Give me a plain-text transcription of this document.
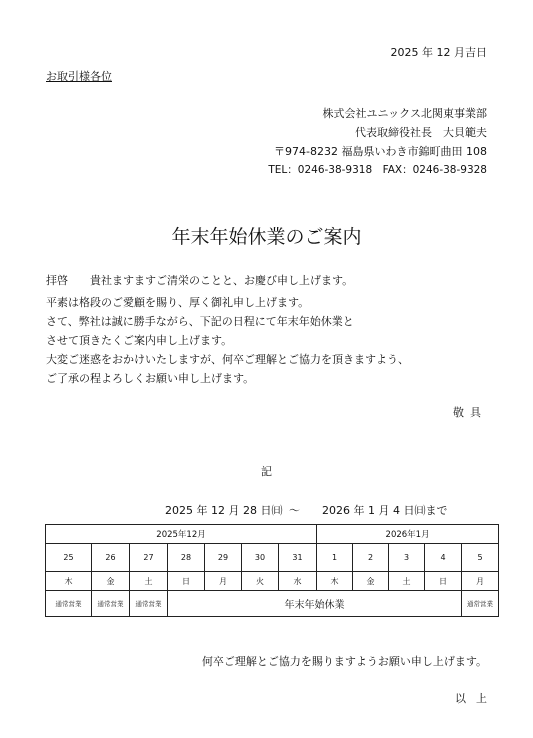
2025 年 12 月吉日
お取引様各位
株式会社ユニックス北関東事業部
代表取締役社長　大貝範夫
〒974-8232 福島県いわき市錦町曲田 108
TEL：0246-38-9318　FAX：0246-38-9328
年末年始休業のご案内
拝啓　　貴社ますますご清栄のことと、お慶び申し上げます。
平素は格段のご愛顧を賜り、厚く御礼申し上げます。
さて、弊社は誠に勝手ながら、下記の日程にて年末年始休業と
させて頂きたくご案内申し上げます。
大変ご迷惑をおかけいたしますが、何卒ご理解とご協力を頂きますよう、
ご了承の程よろしくお願い申し上げます。
敬具
記
2025 年 12 月 28 日㈰ ～ 2026 年 1 月 4 日㈰まで
2025年12月							2026年1月				
25	26	27	28	29	30	31	1	2	3	4	5
木	金	土	日	月	火	水	木	金	土	日	月
通常営業	通常営業	通常営業	年末年始休業								通常営業
何卒ご理解とご協力を賜りますようお願い申し上げます。
以上
